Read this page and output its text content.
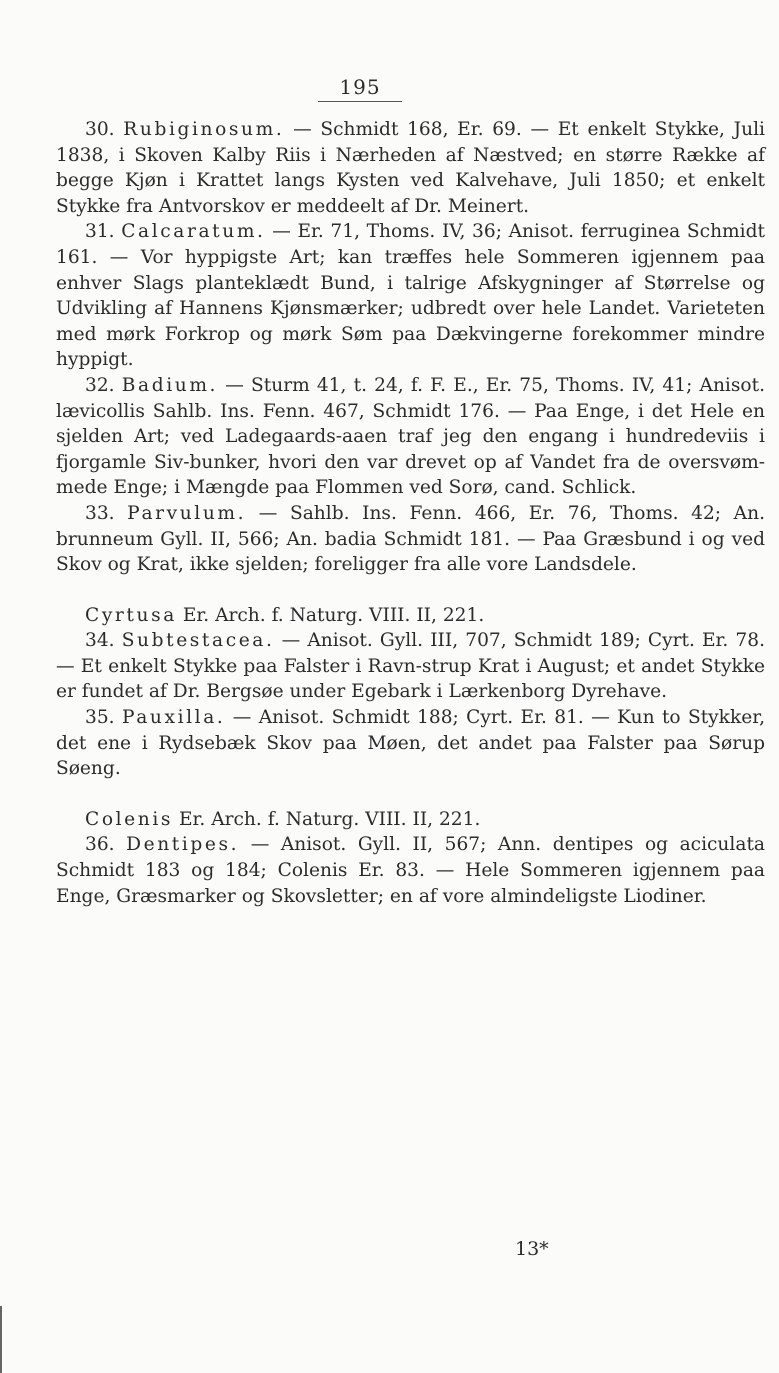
195

30. Rubiginosum. — Schmidt 168, Er. 69. — Et enkelt Stykke, Juli 1838, i Skoven Kalby Riis i Nærheden af Næstved; en større Række af begge Kjøn i Krattet langs Kysten ved Kalvehave, Juli 1850; et enkelt Stykke fra Antvorskov er meddeelt af Dr. Meinert.

31. Calcaratum. — Er. 71, Thoms. IV, 36; Anisot. ferruginea Schmidt 161. — Vor hyppigste Art; kan træffes hele Sommeren igjennem paa enhver Slags planteklædt Bund, i talrige Afskygninger af Størrelse og Udvikling af Hannens Kjønsmærker; udbredt over hele Landet. Varieteten med mørk Forkrop og mørk Søm paa Dækvingerne forekommer mindre hyppigt.

32. Badium. — Sturm 41, t. 24, f. F. E., Er. 75, Thoms. IV, 41; Anisot. lævicollis Sahlb. Ins. Fenn. 467, Schmidt 176. — Paa Enge, i det Hele en sjelden Art; ved Ladegaards-aaen traf jeg den engang i hundredeviis i fjorgamle Siv-bunker, hvori den var drevet op af Vandet fra de oversvøm-mede Enge; i Mængde paa Flommen ved Sorø, cand. Schlick.

33. Parvulum. — Sahlb. Ins. Fenn. 466, Er. 76, Thoms. 42; An. brunneum Gyll. II, 566; An. badia Schmidt 181. — Paa Græsbund i og ved Skov og Krat, ikke sjelden; foreligger fra alle vore Landsdele.

Cyrtusa Er. Arch. f. Naturg. VIII. II, 221.

34. Subtestacea. — Anisot. Gyll. III, 707, Schmidt 189; Cyrt. Er. 78. — Et enkelt Stykke paa Falster i Ravn-strup Krat i August; et andet Stykke er fundet af Dr. Bergsøe under Egebark i Lærkenborg Dyrehave.

35. Pauxilla. — Anisot. Schmidt 188; Cyrt. Er. 81. — Kun to Stykker, det ene i Rydsebæk Skov paa Møen, det andet paa Falster paa Sørup Søeng.

Colenis Er. Arch. f. Naturg. VIII. II, 221.

36. Dentipes. — Anisot. Gyll. II, 567; Ann. dentipes og aciculata Schmidt 183 og 184; Colenis Er. 83. — Hele Sommeren igjennem paa Enge, Græsmarker og Skovsletter; en af vore almindeligste Liodiner.

13*
